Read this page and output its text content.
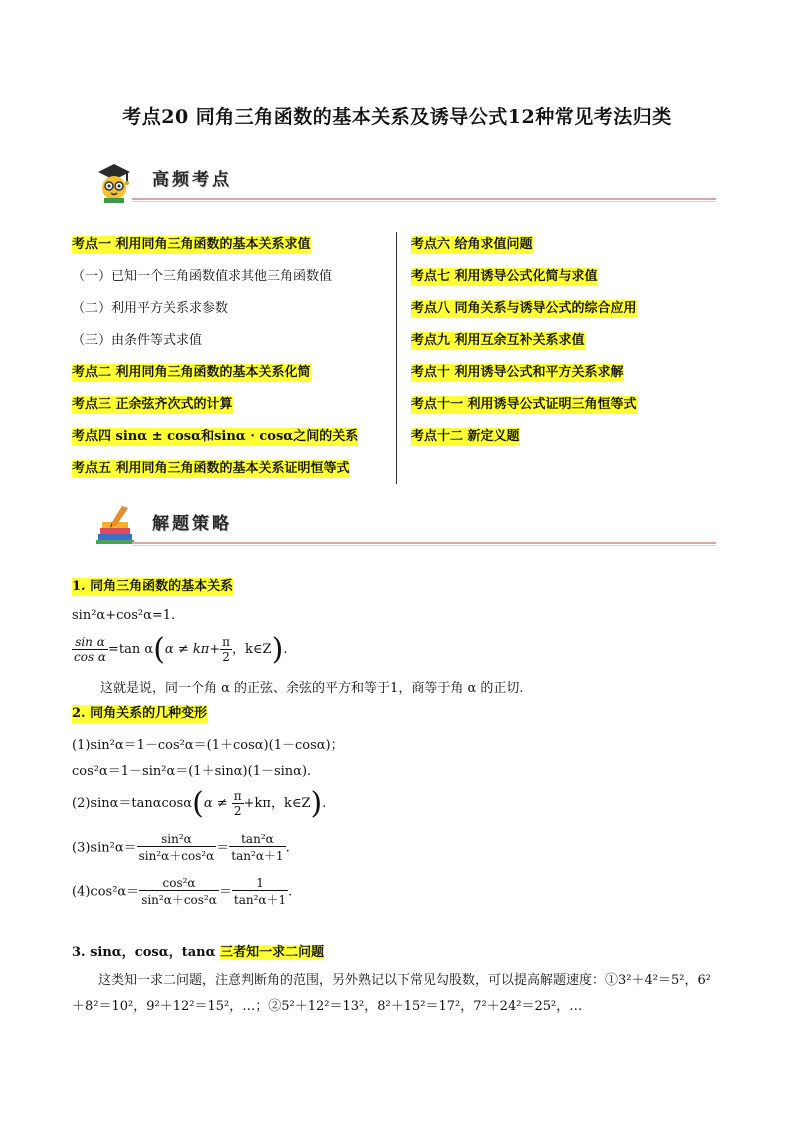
考点20 同角三角函数的基本关系及诱导公式12种常见考法归类
高频考点
考点一 利用同角三角函数的基本关系求值
（一）已知一个三角函数值求其他三角函数值
（二）利用平方关系求参数
（三）由条件等式求值
考点二 利用同角三角函数的基本关系化简
考点三 正余弦齐次式的计算
考点四 sinα ± cosα和sinα · cosα之间的关系
考点五 利用同角三角函数的基本关系证明恒等式
考点六 给角求值问题
考点七 利用诱导公式化简与求值
考点八 同角关系与诱导公式的综合应用
考点九 利用互余互补关系求值
考点十 利用诱导公式和平方关系求解
考点十一 利用诱导公式证明三角恒等式
考点十二 新定义题
解题策略
1. 同角三角函数的基本关系
sin²α+cos²α=1.
$\frac{\text{sin α}}{\text{cos α}} =\tan$ $\alpha(\alpha \ne k\pi+ \frac{\pi}{2}$ ，k∈Z).
这就是说，同一个角 α 的正弦、余弦的平方和等于1，商等于角 α 的正切.
2. 同角关系的几种变形
(1)sin²α＝1－cos²α＝(1＋cosα)(1－cosα)；
cos²α＝1－sin²α＝(1＋sinα)(1－sinα).
$(2)\sin\alpha=\tan\alpha\cos\alpha(\alpha \ne \frac{\pi}{2} +k\pi$，k∈Z).
$(3)\sin^2\alpha= \frac{\text{sin²α}}{\text{sin²α＋cos²α}} = \frac{\text{tan²α}}{\text{tan²α＋1}}$ .
$(4)\cos^2\alpha= \frac{\text{cos²α}}{\text{sin²α＋cos²α}} = \frac{1}{\text{tan²α＋1}}$ .
3. sinα，cosα，tanα 三者知一求二问题
这类知一求二问题，注意判断角的范围，另外熟记以下常见勾股数，可以提高解题速度：①3²＋4²＝5²，6²＋8²＝10²，9²＋12²＝15²，…；②5²＋12²＝13²，8²＋15²＝17²，7²＋24²＝25²，…
